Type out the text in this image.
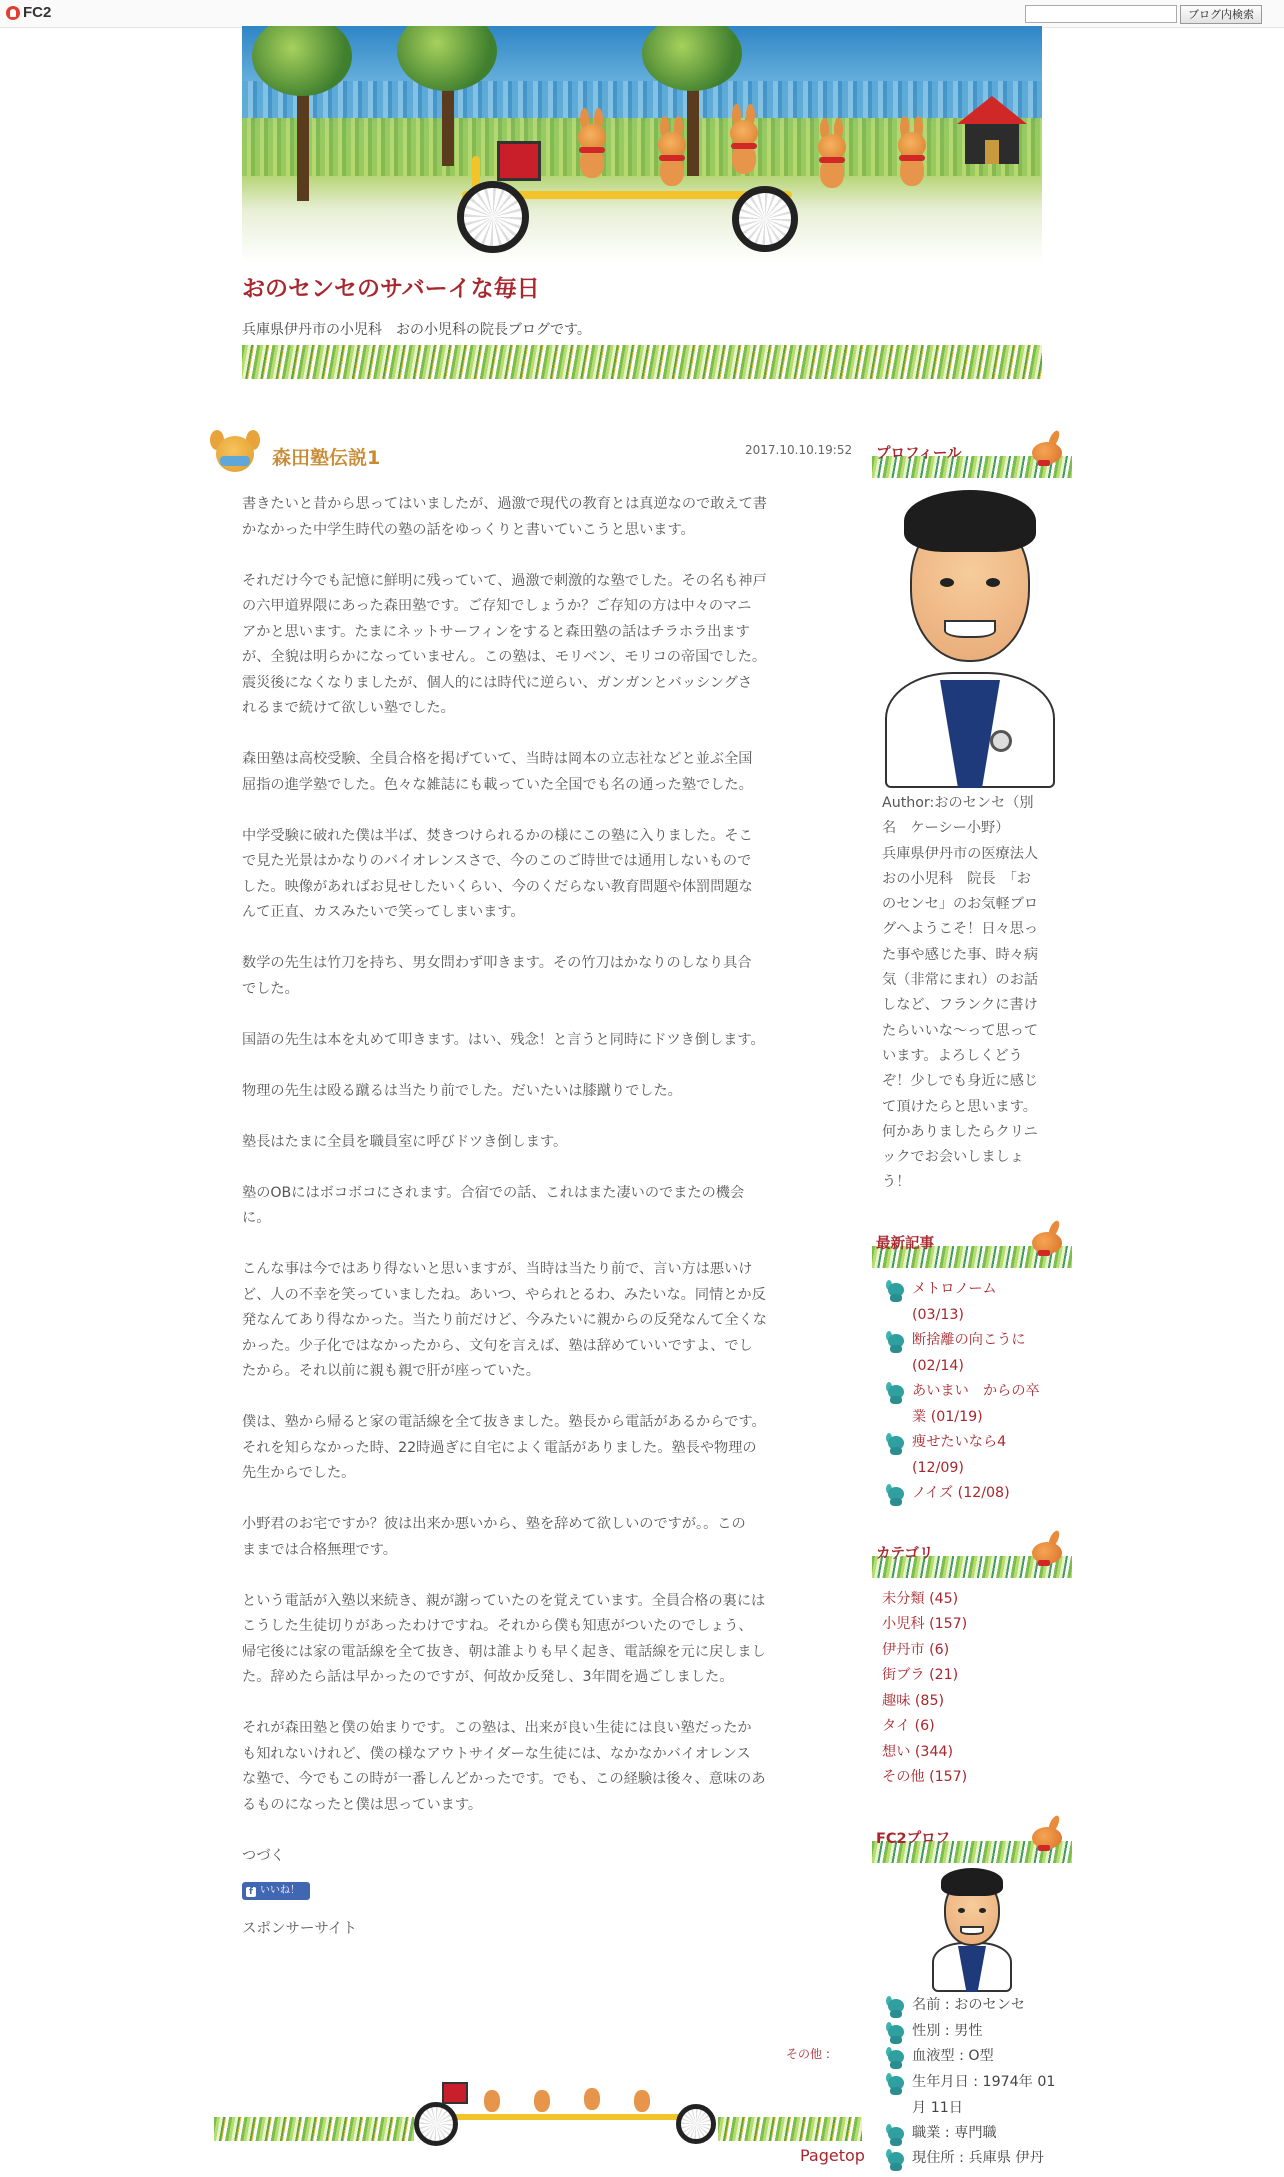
FC2	ブログ内検索
おのセンセのサバーイな毎日
兵庫県伊丹市の小児科　おの小児科の院長ブログです。
森田塾伝説1	2017.10.10.19:52
書きたいと昔から思ってはいましたが、過激で現代の教育とは真逆なので敢えて書
かなかった中学生時代の塾の話をゆっくりと書いていこうと思います。

それだけ今でも記憶に鮮明に残っていて、過激で刺激的な塾でした。その名も神戸
の六甲道界隈にあった森田塾です。ご存知でしょうか？ご存知の方は中々のマニ
アかと思います。たまにネットサーフィンをすると森田塾の話はチラホラ出ます
が、全貌は明らかになっていません。この塾は、モリベン、モリコの帝国でした。
震災後になくなりましたが、個人的には時代に逆らい、ガンガンとバッシングさ
れるまで続けて欲しい塾でした。

森田塾は高校受験、全員合格を掲げていて、当時は岡本の立志社などと並ぶ全国
屈指の進学塾でした。色々な雑誌にも載っていた全国でも名の通った塾でした。

中学受験に破れた僕は半ば、焚きつけられるかの様にこの塾に入りました。そこ
で見た光景はかなりのバイオレンスさで、今のこのご時世では通用しないもので
した。映像があればお見せしたいくらい、今のくだらない教育問題や体罰問題な
んて正直、カスみたいで笑ってしまいます。

数学の先生は竹刀を持ち、男女問わず叩きます。その竹刀はかなりのしなり具合
でした。

国語の先生は本を丸めて叩きます。はい、残念！と言うと同時にドツき倒します。

物理の先生は殴る蹴るは当たり前でした。だいたいは膝蹴りでした。

塾長はたまに全員を職員室に呼びドツき倒します。

塾のOBにはボコボコにされます。合宿での話、これはまた凄いのでまたの機会
に。

こんな事は今ではあり得ないと思いますが、当時は当たり前で、言い方は悪いけ
ど、人の不幸を笑っていましたね。あいつ、やられとるわ、みたいな。同情とか反
発なんてあり得なかった。当たり前だけど、今みたいに親からの反発なんて全くな
かった。少子化ではなかったから、文句を言えば、塾は辞めていいですよ、でし
たから。それ以前に親も親で肝が座っていた。

僕は、塾から帰ると家の電話線を全て抜きました。塾長から電話があるからです。
それを知らなかった時、22時過ぎに自宅によく電話がありました。塾長や物理の
先生からでした。

小野君のお宅ですか？彼は出来か悪いから、塾を辞めて欲しいのですが。。この
ままでは合格無理です。

という電話が入塾以来続き、親が謝っていたのを覚えています。全員合格の裏には
こうした生徒切りがあったわけですね。それから僕も知恵がついたのでしょう、
帰宅後には家の電話線を全て抜き、朝は誰よりも早く起き、電話線を元に戻しまし
た。辞めたら話は早かったのですが、何故か反発し、3年間を過ごしました。

それが森田塾と僕の始まりです。この塾は、出来が良い生徒には良い塾だったか
も知れないけれど、僕の様なアウトサイダーな生徒には、なかなかバイオレンス
な塾で、今でもこの時が一番しんどかったです。でも、この経験は後々、意味のあ
るものになったと僕は思っています。

つづく
f いいね！ 12
スポンサーサイト
その他 :
Pagetop
プロフィール
Author:おのセンセ（別
名　ケーシー小野）
兵庫県伊丹市の医療法人
おの小児科　院長　「お
のセンセ」のお気軽ブロ
グへようこそ！日々思っ
た事や感じた事、時々病
気（非常にまれ）のお話
しなど、フランクに書け
たらいいな〜って思って
います。よろしくどう
ぞ！少しでも身近に感じ
て頂けたらと思います。
何かありましたらクリニ
ックでお会いしましょ
う！
最新記事
メトロノーム
(03/13)
断捨離の向こうに
(02/14)
あいまい　からの卒
業 (01/19)
痩せたいなら4
(12/09)
ノイズ (12/08)
カテゴリ
未分類 (45)
小児科 (157)
伊丹市 (6)
街ブラ (21)
趣味 (85)
タイ (6)
想い (344)
その他 (157)
FC2プロフ
名前 : おのセンセ
性別 : 男性
血液型 : O型
生年月日 : 1974年 01
月 11日
職業 : 専門職
現住所 : 兵庫県 伊丹
